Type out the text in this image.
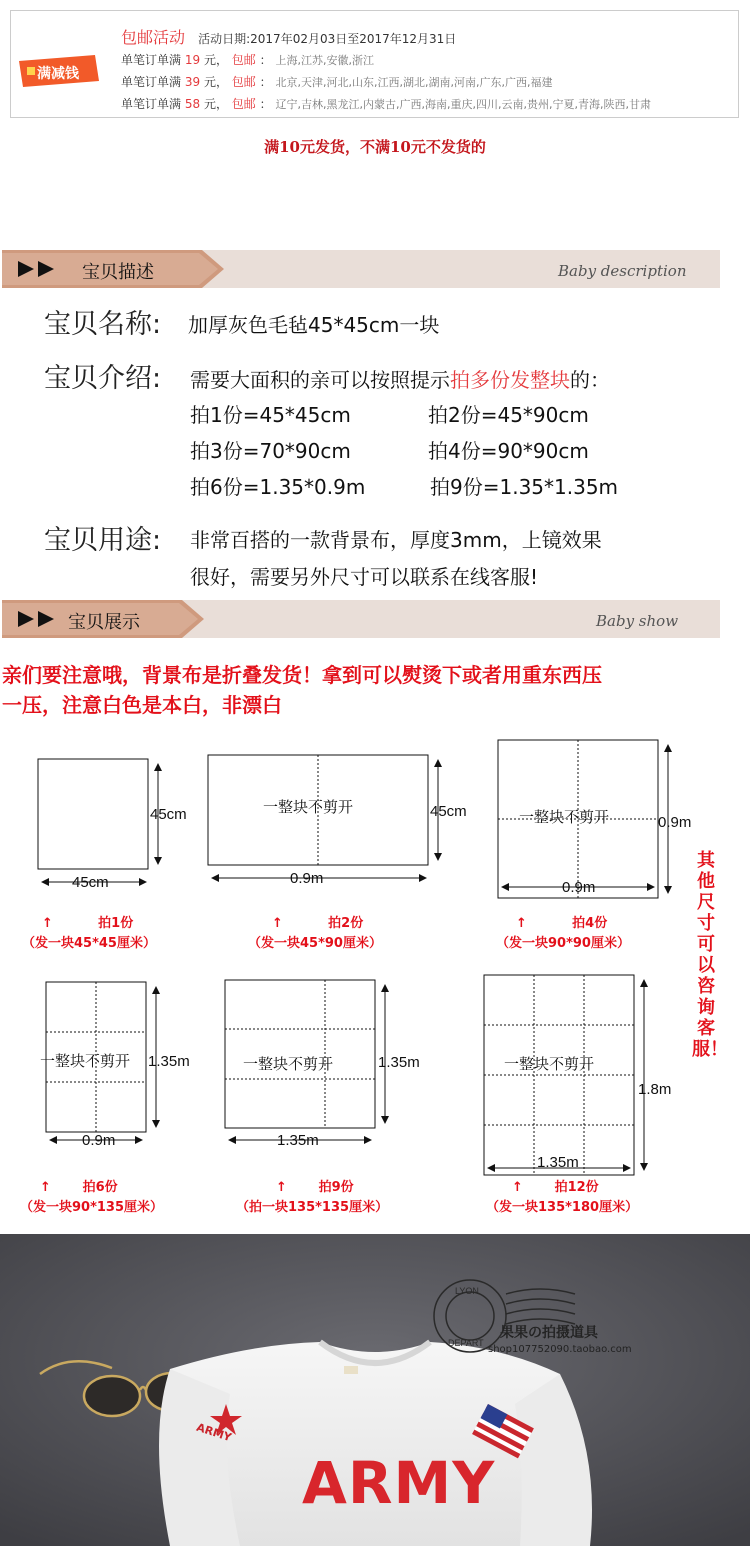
满减钱
包邮活动 活动日期:2017年02月03日至2017年12月31日
单笔订单满 19 元， 包邮 ： 上海,江苏,安徽,浙江
单笔订单满 39 元， 包邮 ： 北京,天津,河北,山东,江西,湖北,湖南,河南,广东,广西,福建
单笔订单满 58 元， 包邮 ： 辽宁,吉林,黑龙江,内蒙古,广西,海南,重庆,四川,云南,贵州,宁夏,青海,陕西,甘肃
满10元发货，不满10元不发货的
宝贝描述	Baby description
宝贝名称: 加厚灰色毛毡45*45cm一块
宝贝介绍: 需要大面积的亲可以按照提示拍多份发整块的：
拍1份=45*45cm	拍2份=45*90cm
拍3份=70*90cm	拍4份=90*90cm
拍6份=1.35*0.9m	拍9份=1.35*1.35m
宝贝用途: 非常百搭的一款背景布，厚度3mm，上镜效果
很好，需要另外尺寸可以联系在线客服!
宝贝展示	Baby show
亲们要注意哦，背景布是折叠发货！拿到可以熨烫下或者用重东西压
一压，注意白色是本白，非漂白
45cm
45cm
一整块不剪开	45cm
0.9m
一整块不剪开	0.9m
0.9m
一整块不剪开 1.35m
0.9m
一整块不剪开	1.35m
1.35m
一整块不剪开
1.8m
1.35m
↑          拍1份
（发一块45*45厘米）
↑          拍2份
（发一块45*90厘米）
↑          拍4份
（发一块90*90厘米）
↑       拍6份
（发一块90*135厘米）
↑       拍9份
（拍一块135*135厘米）
↑       拍12份
（发一块135*180厘米）
其他尺寸可以咨询客服！
LYON
DEPART
果果の拍摄道具
shop107752090.taobao.com
ARMY
ARMY
